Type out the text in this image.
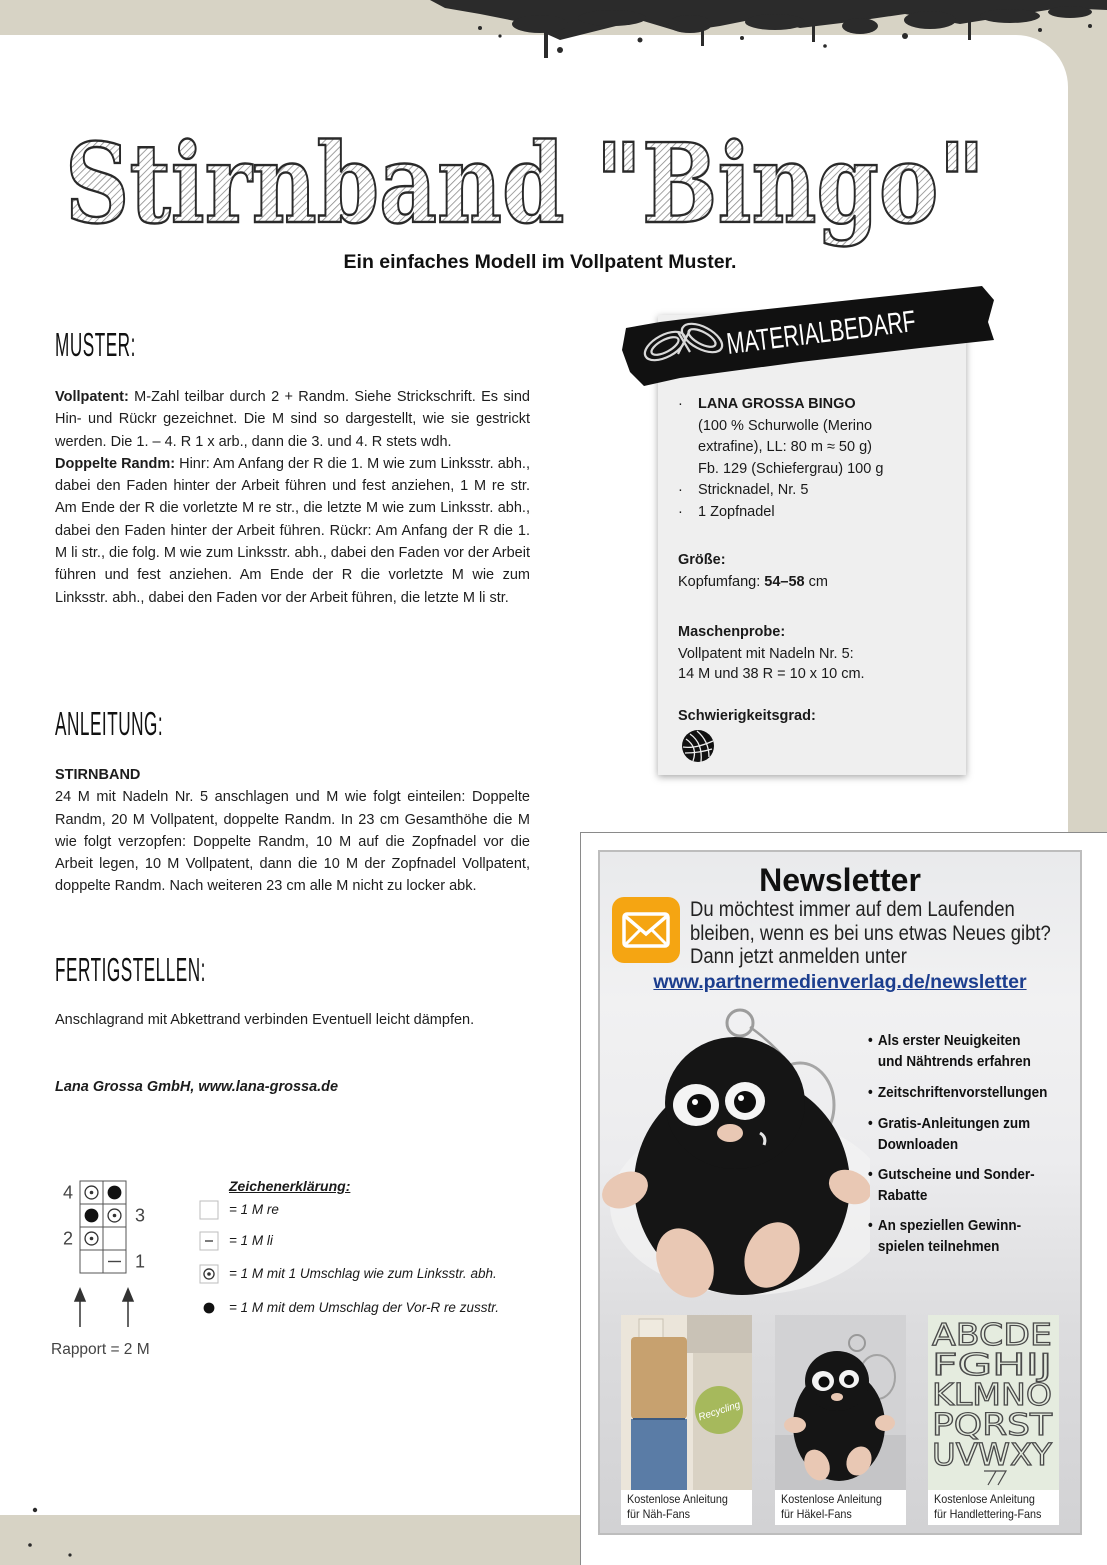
Stirnband "Bingo"
Ein einfaches Modell im Vollpatent Muster.
MUSTER:

Vollpatent: M-Zahl teilbar durch 2 + Randm. Siehe Strickschrift. Es sind Hin- und Rückr gezeichnet. Die M sind so dargestellt, wie sie gestrickt werden. Die 1. – 4. R 1 x arb., dann die 3. und 4. R stets wdh.

Doppelte Randm: Hinr: Am Anfang der R die 1. M wie zum Linksstr. abh., dabei den Faden hinter der Arbeit führen und fest anziehen, 1 M re str. Am Ende der R die vorletzte M re str., die letzte M wie zum Linksstr. abh., dabei den Faden hinter der Arbeit führen. Rückr: Am Anfang der R die 1. M li str., die folg. M wie zum Linksstr. abh., dabei den Faden vor der Arbeit führen und fest anziehen. Am Ende der R die vorletzte M wie zum Linksstr. abh., dabei den Faden vor der Arbeit führen, die letzte M li str.

ANLEITUNG:

STIRNBAND

24 M mit Nadeln Nr. 5 anschlagen und M wie folgt einteilen: Doppelte Randm, 20 M Vollpatent, doppelte Randm. In 23 cm Gesamthöhe die M wie folgt verzopfen: Doppelte Randm, 10 M auf die Zopfnadel vor die Arbeit legen, 10 M Vollpatent, dann die 10 M der Zopfnadel Vollpatent, doppelte Randm. Nach weiteren 23 cm alle M nicht zu locker abk.

FERTIGSTELLEN:

Anschlagrand mit Abkettrand verbinden Eventuell leicht dämpfen.

Lana Grossa GmbH, www.lana-grossa.de
4
3
2
1
Rapport = 2 M
Zeichenerklärung:
= 1 M re
= 1 M li
= 1 M mit 1 Umschlag wie zum Linksstr. abh.
= 1 M mit dem Umschlag der Vor-R re zusstr.
MATERIALBEDARF
· LANA GROSSA BINGO
(100 % Schurwolle (Merino
extrafine), LL: 80 m ≈ 50 g)
Fb. 129 (Schiefergrau) 100 g
· Stricknadel, Nr. 5
· 1 Zopfnadel
Größe:
Kopfumfang: 54–58 cm
Maschenprobe:
Vollpatent mit Nadeln Nr. 5:
14 M und 38 R = 10 x 10 cm.
Schwierigkeitsgrad:
Newsletter
Du möchtest immer auf dem Laufenden
bleiben, wenn es bei uns etwas Neues gibt?
Dann jetzt anmelden unter
www.partnermedienverlag.de/newsletter
• Als erster Neuigkeiten
und Nähtrends erfahren
• Zeitschriftenvorstellungen
• Gratis-Anleitungen zum
Downloaden
• Gutscheine und Sonder-
Rabatte
• An speziellen Gewinn-
spielen teilnehmen
Recycling
Kostenlose Anleitung
für Näh-Fans
Kostenlose Anleitung
für Häkel-Fans
ABCDE
FGHIJ
KLMNO
PQRST
UVWXY
Kostenlose Anleitung
für Handlettering-Fans
